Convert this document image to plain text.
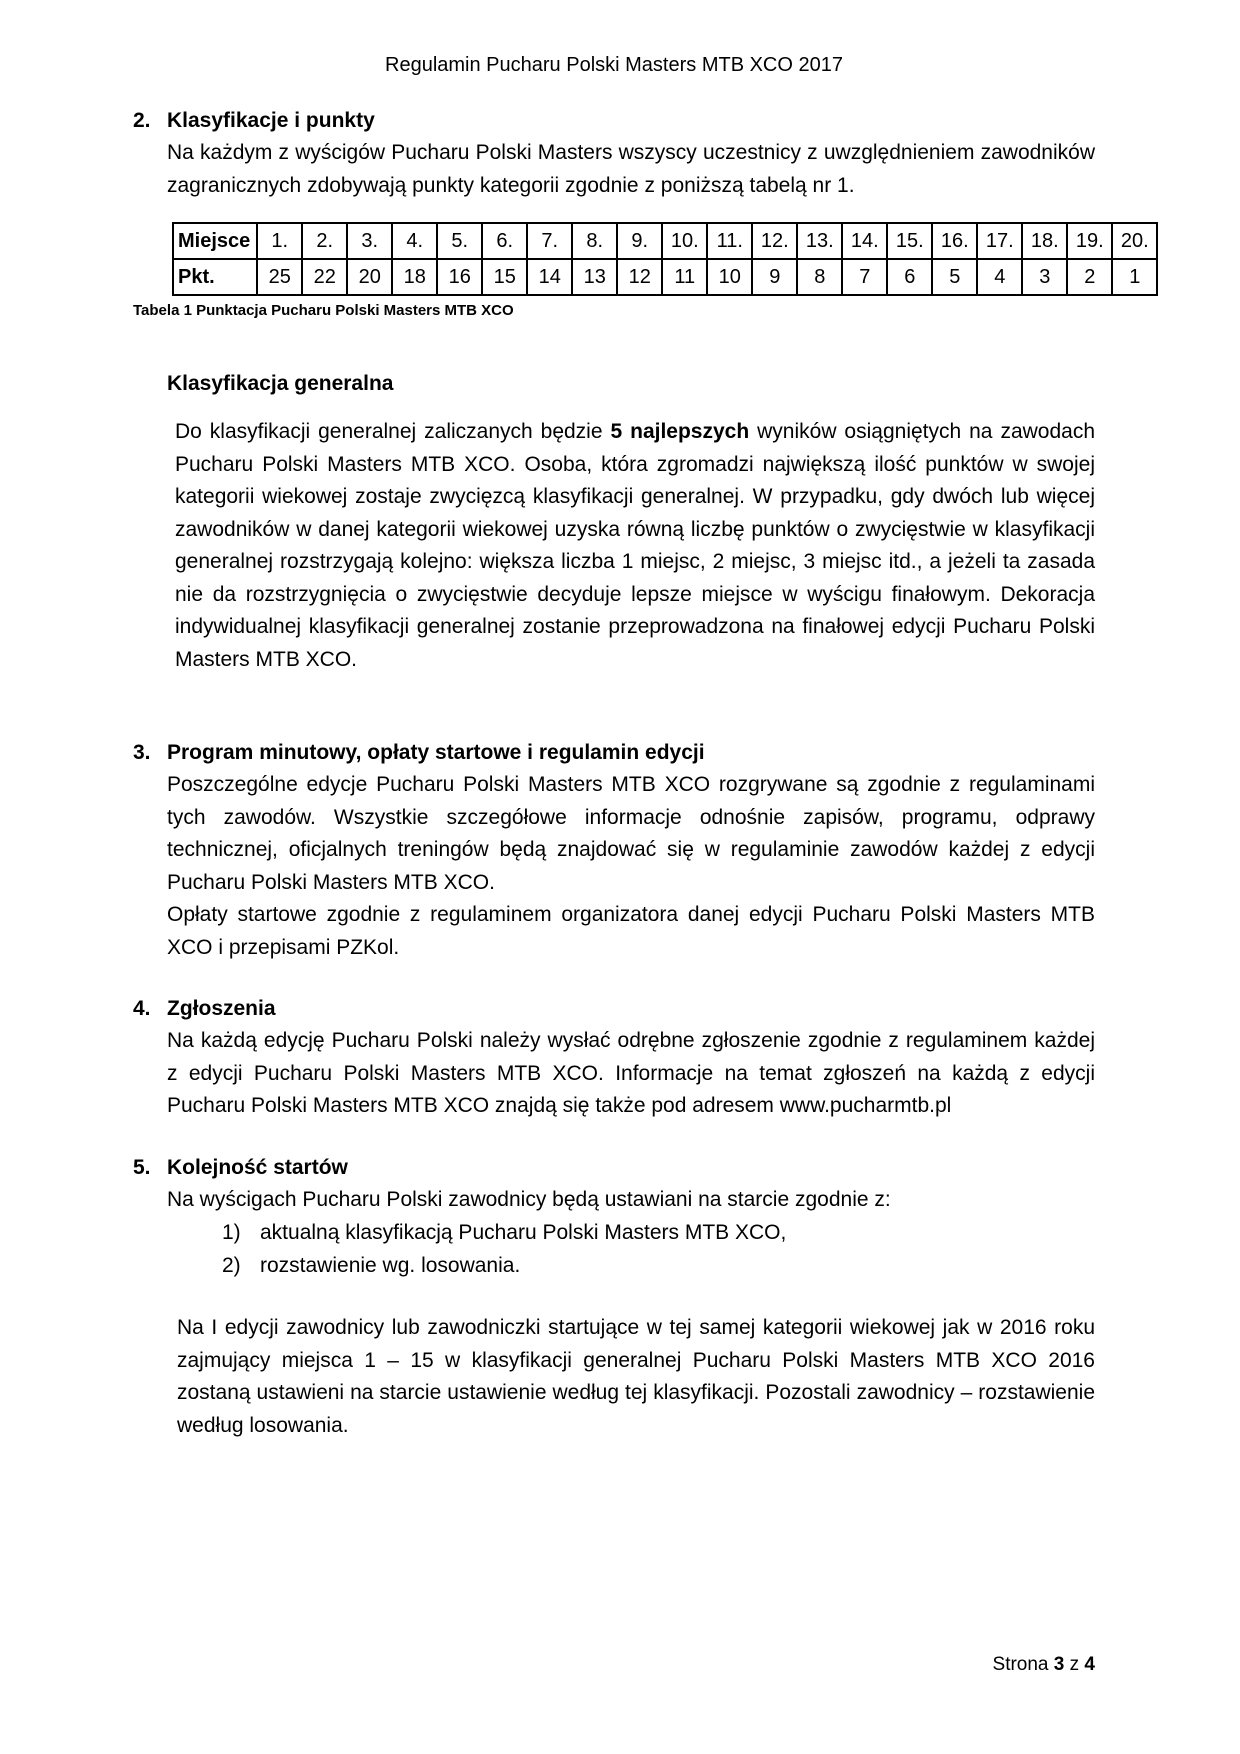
Regulamin Pucharu Polski Masters MTB XCO 2017
2. Klasyfikacje i punkty

Na każdym z wyścigów Pucharu Polski Masters wszyscy uczestnicy z uwzględnieniem zawodników zagranicznych zdobywają punkty kategorii zgodnie z poniższą tabelą nr 1.

Miejsce	1.	2.	3.	4.	5.	6.	7.	8.	9.	10.	11.	12.	13.	14.	15.	16.	17.	18.	19.	20.
Pkt.	25	22	20	18	16	15	14	13	12	11	10	9	8	7	6	5	4	3	2	1
Tabela 1 Punktacja Pucharu Polski Masters MTB XCO
Klasyfikacja generalna

Do klasyfikacji generalnej zaliczanych będzie 5 najlepszych wyników osiągniętych na zawodach Pucharu Polski Masters MTB XCO. Osoba, która zgromadzi największą ilość punktów w swojej kategorii wiekowej zostaje zwycięzcą klasyfikacji generalnej. W przypadku, gdy dwóch lub więcej zawodników w danej kategorii wiekowej uzyska równą liczbę punktów o zwycięstwie w klasyfikacji generalnej rozstrzygają kolejno: większa liczba 1 miejsc, 2 miejsc, 3 miejsc itd., a jeżeli ta zasada nie da rozstrzygnięcia o zwycięstwie decyduje lepsze miejsce w wyścigu finałowym. Dekoracja indywidualnej klasyfikacji generalnej zostanie przeprowadzona na finałowej edycji Pucharu Polski Masters MTB XCO.

3. Program minutowy, opłaty startowe i regulamin edycji

Poszczególne edycje Pucharu Polski Masters MTB XCO rozgrywane są zgodnie z regulaminami tych zawodów. Wszystkie szczegółowe informacje odnośnie zapisów, programu, odprawy technicznej, oficjalnych treningów będą znajdować się w regulaminie zawodów każdej z edycji Pucharu Polski Masters MTB XCO.

Opłaty startowe zgodnie z regulaminem organizatora danej edycji Pucharu Polski Masters MTB XCO i przepisami PZKol.

4. Zgłoszenia

Na każdą edycję Pucharu Polski należy wysłać odrębne zgłoszenie zgodnie z regulaminem każdej z edycji Pucharu Polski Masters MTB XCO. Informacje na temat zgłoszeń na każdą z edycji Pucharu Polski Masters MTB XCO znajdą się także pod adresem www.pucharmtb.pl

5. Kolejność startów

Na wyścigach Pucharu Polski zawodnicy będą ustawiani na starcie zgodnie z:

1) aktualną klasyfikacją Pucharu Polski Masters MTB XCO,
2) rozstawienie wg. losowania.

Na I edycji zawodnicy lub zawodniczki startujące w tej samej kategorii wiekowej jak w 2016 roku zajmujący miejsca 1 – 15 w klasyfikacji generalnej Pucharu Polski Masters MTB XCO 2016 zostaną ustawieni na starcie ustawienie według tej klasyfikacji. Pozostali zawodnicy – rozstawienie według losowania.

Strona 3 z 4
